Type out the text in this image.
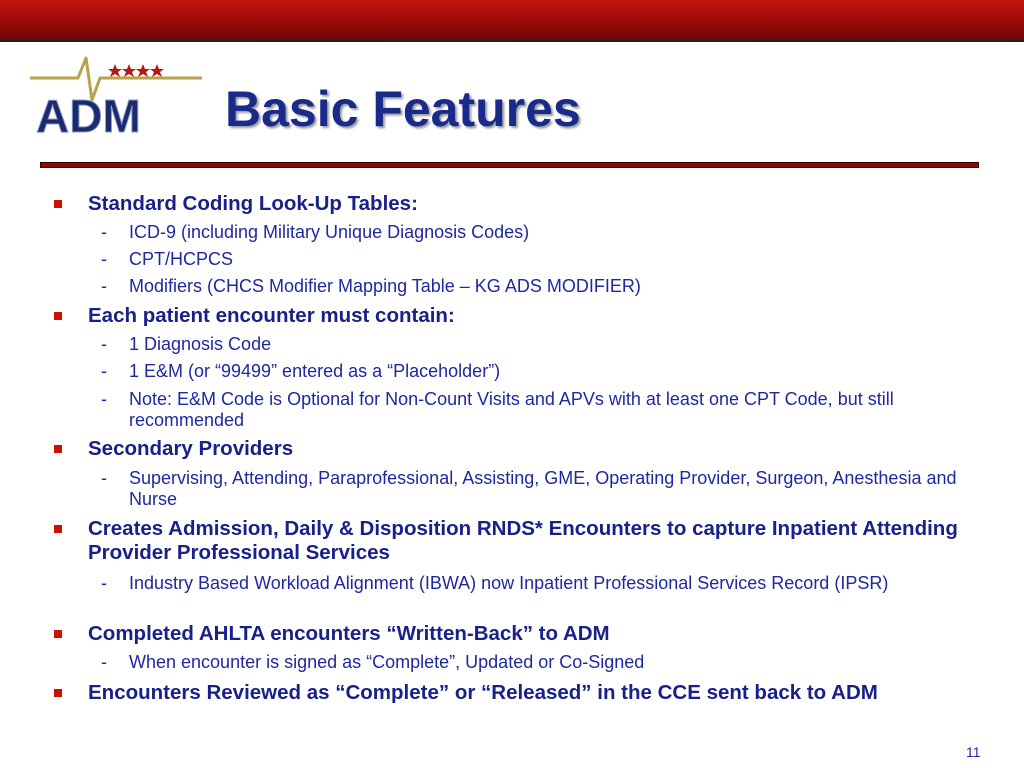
ADM Basic Features
Standard Coding Look-Up Tables:
- ICD-9 (including Military Unique Diagnosis Codes)
- CPT/HCPCS
- Modifiers (CHCS Modifier Mapping Table – KG ADS MODIFIER)
Each patient encounter must contain:
- 1 Diagnosis Code
- 1 E&M (or “99499” entered as a “Placeholder”)
- Note: E&M Code is Optional for Non-Count Visits and APVs with at least one CPT Code, but still recommended
Secondary Providers
- Supervising, Attending, Paraprofessional, Assisting, GME, Operating Provider, Surgeon, Anesthesia and Nurse
Creates Admission, Daily & Disposition RNDS* Encounters to capture Inpatient Attending Provider Professional Services
- Industry Based Workload Alignment (IBWA) now Inpatient Professional Services Record (IPSR)
Completed AHLTA encounters “Written-Back” to ADM
- When encounter is signed as “Complete”, Updated or Co-Signed
Encounters Reviewed as “Complete” or “Released” in the CCE sent back to ADM
11
